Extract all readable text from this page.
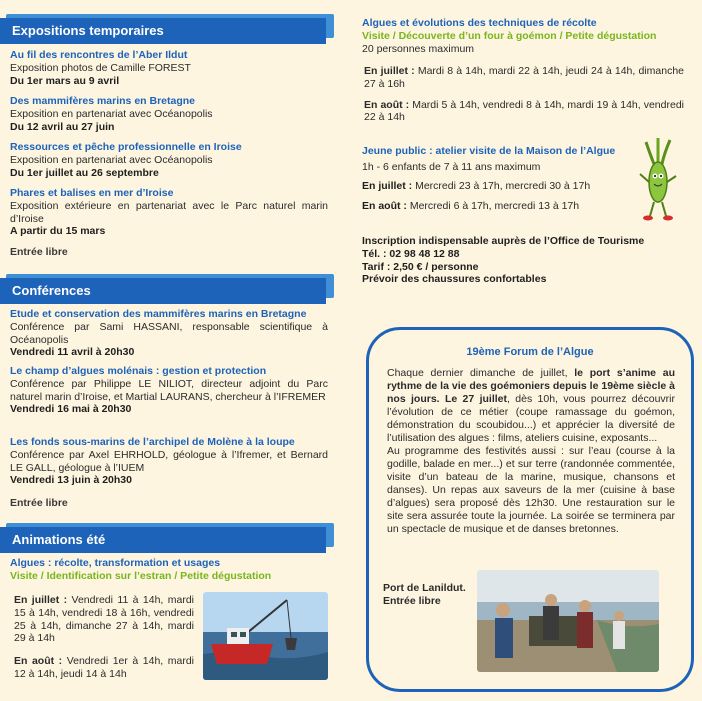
Expositions temporaires
Au fil des rencontres de l’Aber Ildut
Exposition photos de Camille FOREST
Du 1er mars au 9 avril
Des mammifères marins en Bretagne
Exposition en partenariat avec Océanopolis
Du 12 avril au 27 juin
Ressources et pêche professionnelle en Iroise
Exposition en partenariat avec Océanopolis
Du 1er juillet au 26 septembre
Phares et balises en mer d’Iroise
Exposition extérieure en partenariat avec le Parc naturel marin d’Iroise
A partir du 15 mars
Entrée libre
Conférences
Etude et conservation des mammifères marins en Bretagne
Conférence par Sami HASSANI, responsable scientifique à Océanopolis
Vendredi 11 avril à 20h30
Le champ d’algues molénais : gestion et protection
Conférence par Philippe LE NILIOT, directeur adjoint du Parc naturel marin d’Iroise, et Martial LAURANS, chercheur à l’IFREMER
Vendredi 16 mai à 20h30
Les fonds sous-marins de l’archipel de Molène à la loupe
Conférence par Axel EHRHOLD, géologue à l’Ifremer, et Bernard LE GALL, géologue à l’IUEM
Vendredi 13 juin à 20h30
Entrée libre
Animations été
Algues : récolte, transformation et usages
Visite / Identification sur l’estran / Petite dégustation
En juillet : Vendredi 11 à 14h, mardi 15 à 14h, vendredi 18 à 16h, vendredi 25 à 14h, dimanche 27 à 14h, mardi 29 à 14h
En août : Vendredi 1er à 14h, mardi 12 à 14h, jeudi 14 à 14h
Algues et évolutions des techniques de récolte
Visite / Découverte d’un four à goémon / Petite dégustation
20 personnes maximum
En juillet : Mardi 8 à 14h, mardi 22 à 14h, jeudi 24 à 14h, dimanche 27 à 16h
En août : Mardi 5 à 14h, vendredi 8 à 14h, mardi 19 à 14h, vendredi 22 à 14h
Jeune public : atelier visite de la Maison de l’Algue
1h - 6 enfants de 7 à 11 ans maximum
En juillet : Mercredi 23 à 17h, mercredi 30 à 17h
En août : Mercredi 6 à 17h, mercredi 13 à 17h
Inscription indispensable auprès de l’Office de Tourisme
Tél. : 02 98 48 12 88
Tarif : 2,50 € / personne
Prévoir des chaussures confortables
19ème Forum de l’Algue

Chaque dernier dimanche de juillet, le port s’anime au rythme de la vie des goémoniers depuis le 19ème siècle à nos jours. Le 27 juillet, dès 10h, vous pourrez découvrir l’évolution de ce métier (coupe ramassage du goémon, démonstration du scoubidou...) et apprécier la diversité de l’utilisation des algues : films, ateliers cuisine, exposants...

Au programme des festivités aussi : sur l’eau (course à la godille, balade en mer...) et sur terre (randonnée commentée, visite d’un bateau de la marine, musique, chansons et danses). Un repas aux saveurs de la mer (cuisine à base d’algues) sera proposé dès 12h30. Une restauration sur le site sera assurée toute la journée. La soirée se terminera par un spectacle de musique et de danses bretonnes.

Port de Lanildut.
Entrée libre
